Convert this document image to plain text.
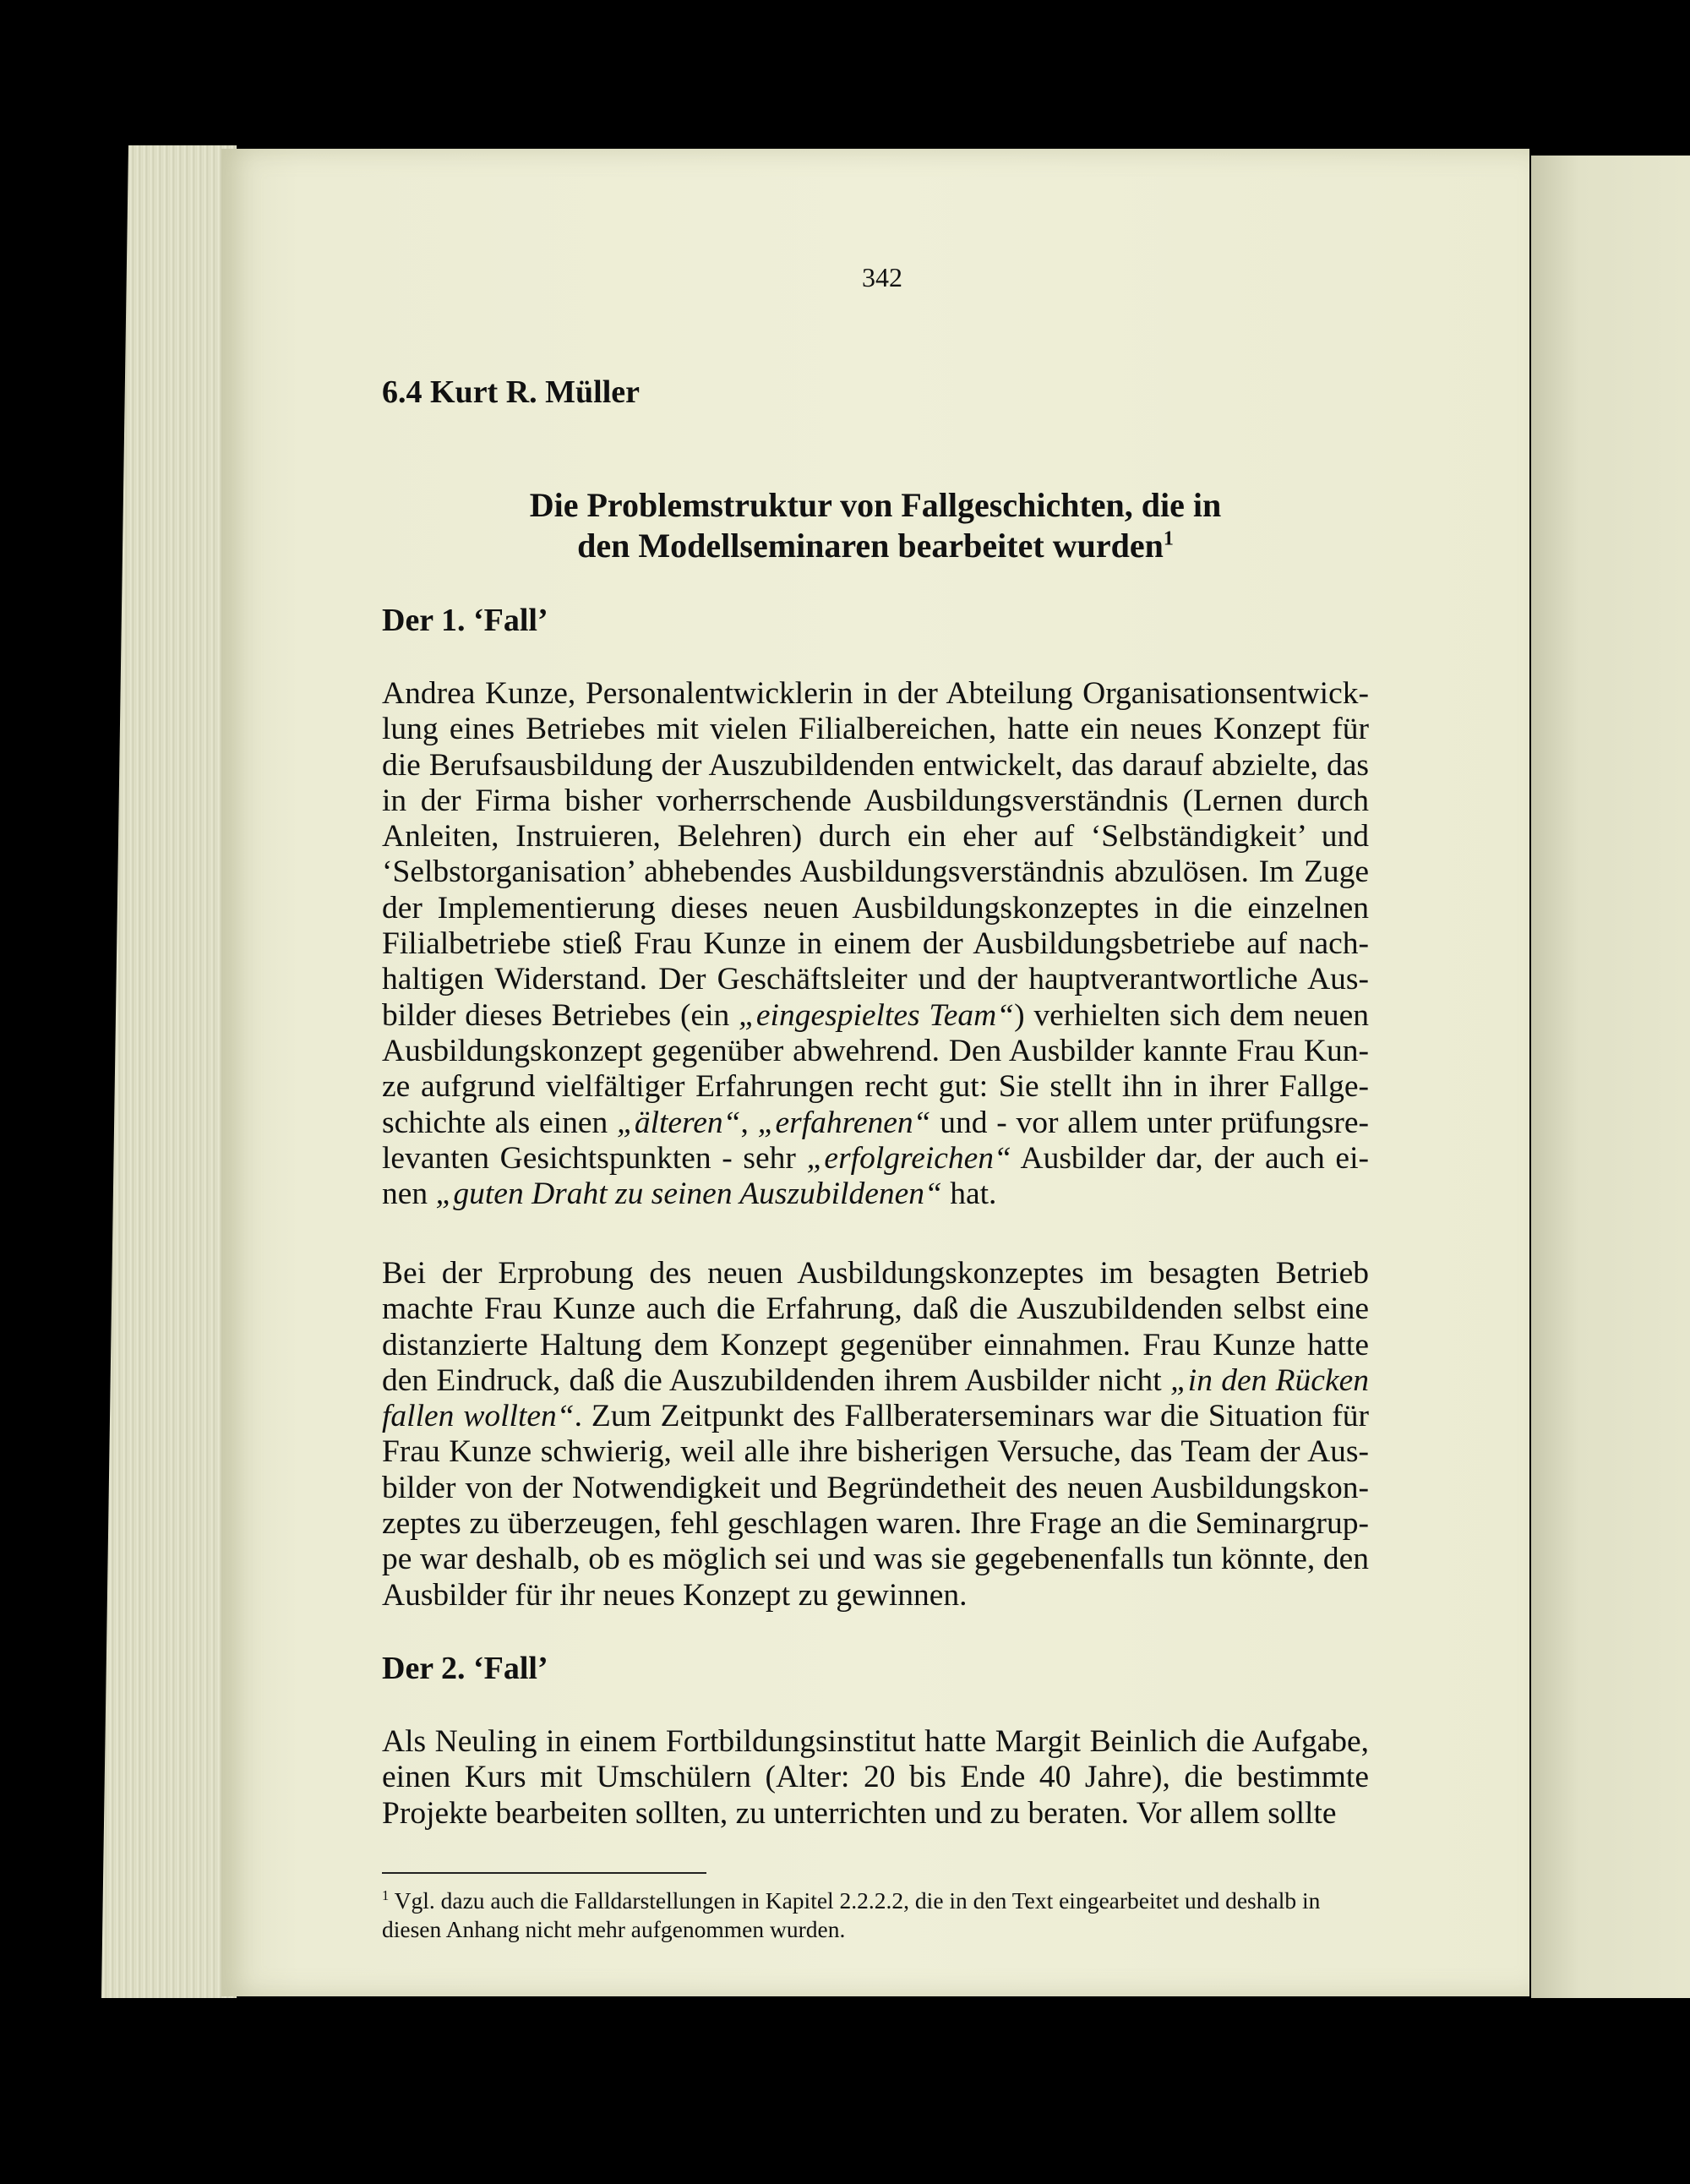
342
6.4 Kurt R. Müller
Die Problemstruktur von Fallgeschichten, die in
den Modellseminaren bearbeitet wurden$^1$
Der 1. ‘Fall’

Andrea Kunze, Personalentwicklerin in der Abteilung Organisationsentwicklung eines Betriebes mit vielen Filialbereichen, hatte ein neues Konzept für die Berufsausbildung der Auszubildenden entwickelt, das darauf abzielte, das in der Firma bisher vorherrschende Ausbildungsverständnis (Lernen durch Anleiten, Instruieren, Belehren) durch ein eher auf ‘Selbständigkeit’ und ‘Selbstorganisation’ abhebendes Ausbildungsverständnis abzulösen. Im Zuge der Implementierung dieses neuen Ausbildungskonzeptes in die einzelnen Filialbetriebe stieß Frau Kunze in einem der Ausbildungsbetriebe auf nachhaltigen Widerstand. Der Geschäftsleiter und der hauptverantwortliche Ausbilder dieses Betriebes (ein „eingespieltes Team“) verhielten sich dem neuen Ausbildungskonzept gegenüber abwehrend. Den Ausbilder kannte Frau Kunze aufgrund vielfältiger Erfahrungen recht gut: Sie stellt ihn in ihrer Fallgeschichte als einen „älteren“, „erfahrenen“ und - vor allem unter prüfungsrelevanten Gesichtspunkten - sehr „erfolgreichen“ Ausbilder dar, der auch einen „guten Draht zu seinen Auszubildenen“ hat.

Bei der Erprobung des neuen Ausbildungskonzeptes im besagten Betrieb machte Frau Kunze auch die Erfahrung, daß die Auszubildenden selbst eine distanzierte Haltung dem Konzept gegenüber einnahmen. Frau Kunze hatte den Eindruck, daß die Auszubildenden ihrem Ausbilder nicht „in den Rücken fallen wollten“. Zum Zeitpunkt des Fallberaterseminars war die Situation für Frau Kunze schwierig, weil alle ihre bisherigen Versuche, das Team der Ausbilder von der Notwendigkeit und Begründetheit des neuen Ausbildungskonzeptes zu überzeugen, fehl geschlagen waren. Ihre Frage an die Seminargruppe war deshalb, ob es möglich sei und was sie gegebenenfalls tun könnte, den Ausbilder für ihr neues Konzept zu gewinnen.

Der 2. ‘Fall’

Als Neuling in einem Fortbildungsinstitut hatte Margit Beinlich die Aufgabe, einen Kurs mit Umschülern (Alter: 20 bis Ende 40 Jahre), die bestimmte Projekte bearbeiten sollten, zu unterrichten und zu beraten. Vor allem sollte

$^1$ Vgl. dazu auch die Falldarstellungen in Kapitel 2.2.2.2, die in den Text eingearbeitet und deshalb in diesen Anhang nicht mehr aufgenommen wurden.
